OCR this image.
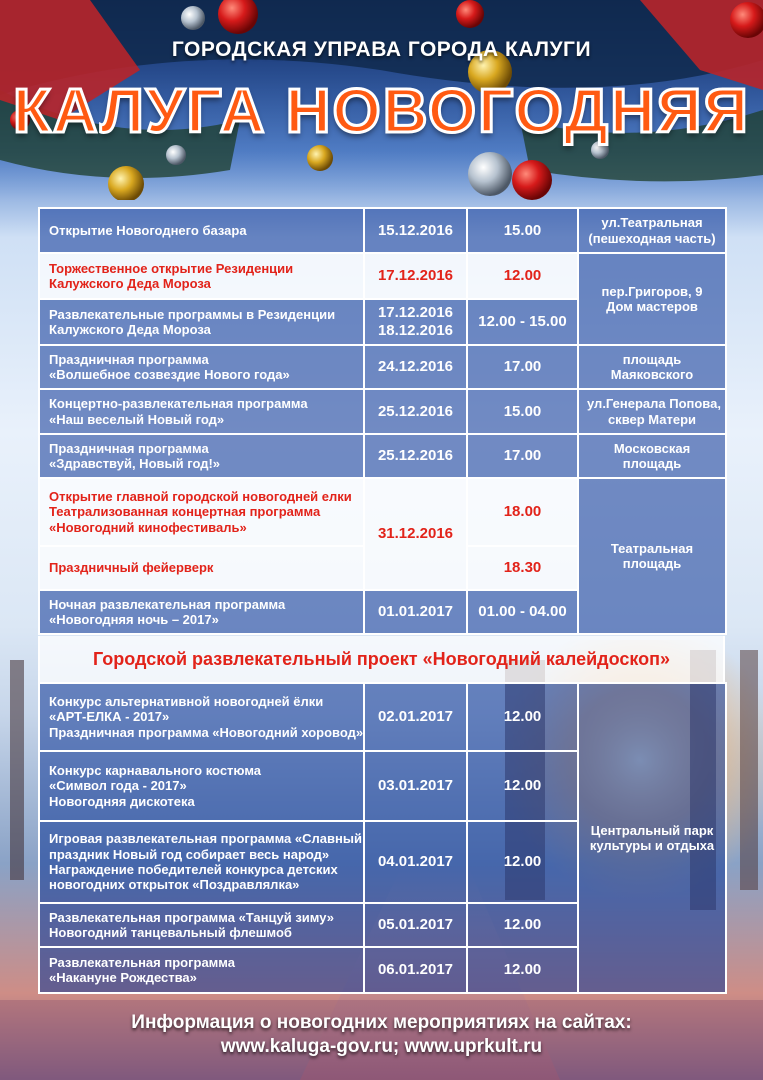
ГОРОДСКАЯ УПРАВА ГОРОДА КАЛУГИ
КАЛУГА НОВОГОДНЯЯ
Открытие Новогоднего базара	15.12.2016	15.00	ул.Театральная
(пешеходная часть)

Торжественное открытие Резиденции
Калужского Деда Мороза	17.12.2016	12.00	пер.Григоров, 9
Дом мастеров

Развлекательные программы в Резиденции
Калужского Деда Мороза	17.12.2016
18.12.2016	12.00 - 15.00	

Праздничная программа
«Волшебное созвездие Нового года»	24.12.2016	17.00	площадь
Маяковского

Концертно-развлекательная программа
«Наш веселый Новый год»	25.12.2016	15.00	ул.Генерала Попова,
сквер Матери

Праздничная программа
«Здравствуй, Новый год!»	25.12.2016	17.00	Московская
площадь

Открытие главной городской новогодней елки
Театрализованная концертная программа
«Новогодний кинофестиваль»	31.12.2016	18.00	Театральная
площадь

Праздничный фейерверк		18.30	

Ночная развлекательная программа
«Новогодняя ночь – 2017»	01.01.2017	01.00 - 04.00	
Городской развлекательный проект «Новогодний калейдоскоп»
Конкурс альтернативной новогодней ёлки
«АРТ-ЕЛКА - 2017»
Праздничная программа «Новогодний хоровод»	02.01.2017	12.00	Центральный парк
культуры и отдыха

Конкурс карнавального костюма
«Символ года - 2017»
Новогодняя дискотека	03.01.2017	12.00	

Игровая развлекательная программа «Славный
праздник Новый год собирает весь народ»
Награждение победителей конкурса детских
новогодних открыток «Поздравлялка»	04.01.2017	12.00	

Развлекательная программа «Танцуй зиму»
Новогодний танцевальный флешмоб	05.01.2017	12.00	

Развлекательная программа
«Накануне Рождества»	06.01.2017	12.00	
Информация о новогодних мероприятиях на сайтах:
www.kaluga-gov.ru; www.uprkult.ru
